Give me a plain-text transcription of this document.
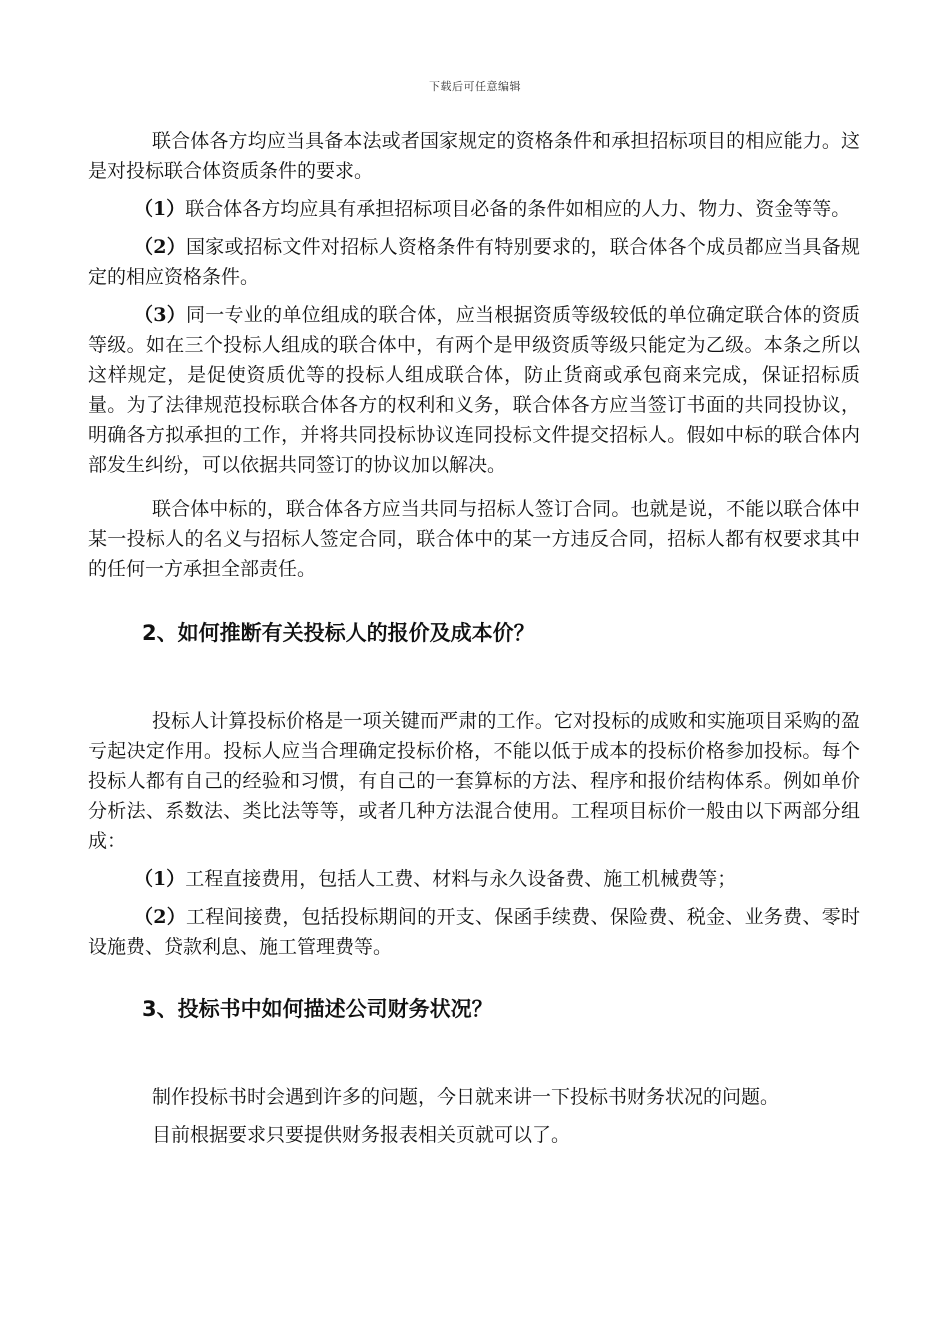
下载后可任意编辑

联合体各方均应当具备本法或者国家规定的资格条件和承担招标项目的相应能力。这是对投标联合体资质条件的要求。

（1）联合体各方均应具有承担招标项目必备的条件如相应的人力、物力、资金等等。

（2）国家或招标文件对招标人资格条件有特别要求的，联合体各个成员都应当具备规定的相应资格条件。

（3）同一专业的单位组成的联合体，应当根据资质等级较低的单位确定联合体的资质等级。如在三个投标人组成的联合体中，有两个是甲级资质等级只能定为乙级。本条之所以这样规定，是促使资质优等的投标人组成联合体，防止货商或承包商来完成，保证招标质量。为了法律规范投标联合体各方的权利和义务，联合体各方应当签订书面的共同投协议，明确各方拟承担的工作，并将共同投标协议连同投标文件提交招标人。假如中标的联合体内部发生纠纷，可以依据共同签订的协议加以解决。

联合体中标的，联合体各方应当共同与招标人签订合同。也就是说，不能以联合体中某一投标人的名义与招标人签定合同，联合体中的某一方违反合同，招标人都有权要求其中的任何一方承担全部责任。

2、如何推断有关投标人的报价及成本价？

投标人计算投标价格是一项关键而严肃的工作。它对投标的成败和实施项目采购的盈亏起决定作用。投标人应当合理确定投标价格，不能以低于成本的投标价格参加投标。每个投标人都有自己的经验和习惯，有自己的一套算标的方法、程序和报价结构体系。例如单价分析法、系数法、类比法等等，或者几种方法混合使用。工程项目标价一般由以下两部分组成：

（1）工程直接费用，包括人工费、材料与永久设备费、施工机械费等；

（2）工程间接费，包括投标期间的开支、保函手续费、保险费、税金、业务费、零时设施费、贷款利息、施工管理费等。

3、投标书中如何描述公司财务状况？

制作投标书时会遇到许多的问题，今日就来讲一下投标书财务状况的问题。

目前根据要求只要提供财务报表相关页就可以了。
